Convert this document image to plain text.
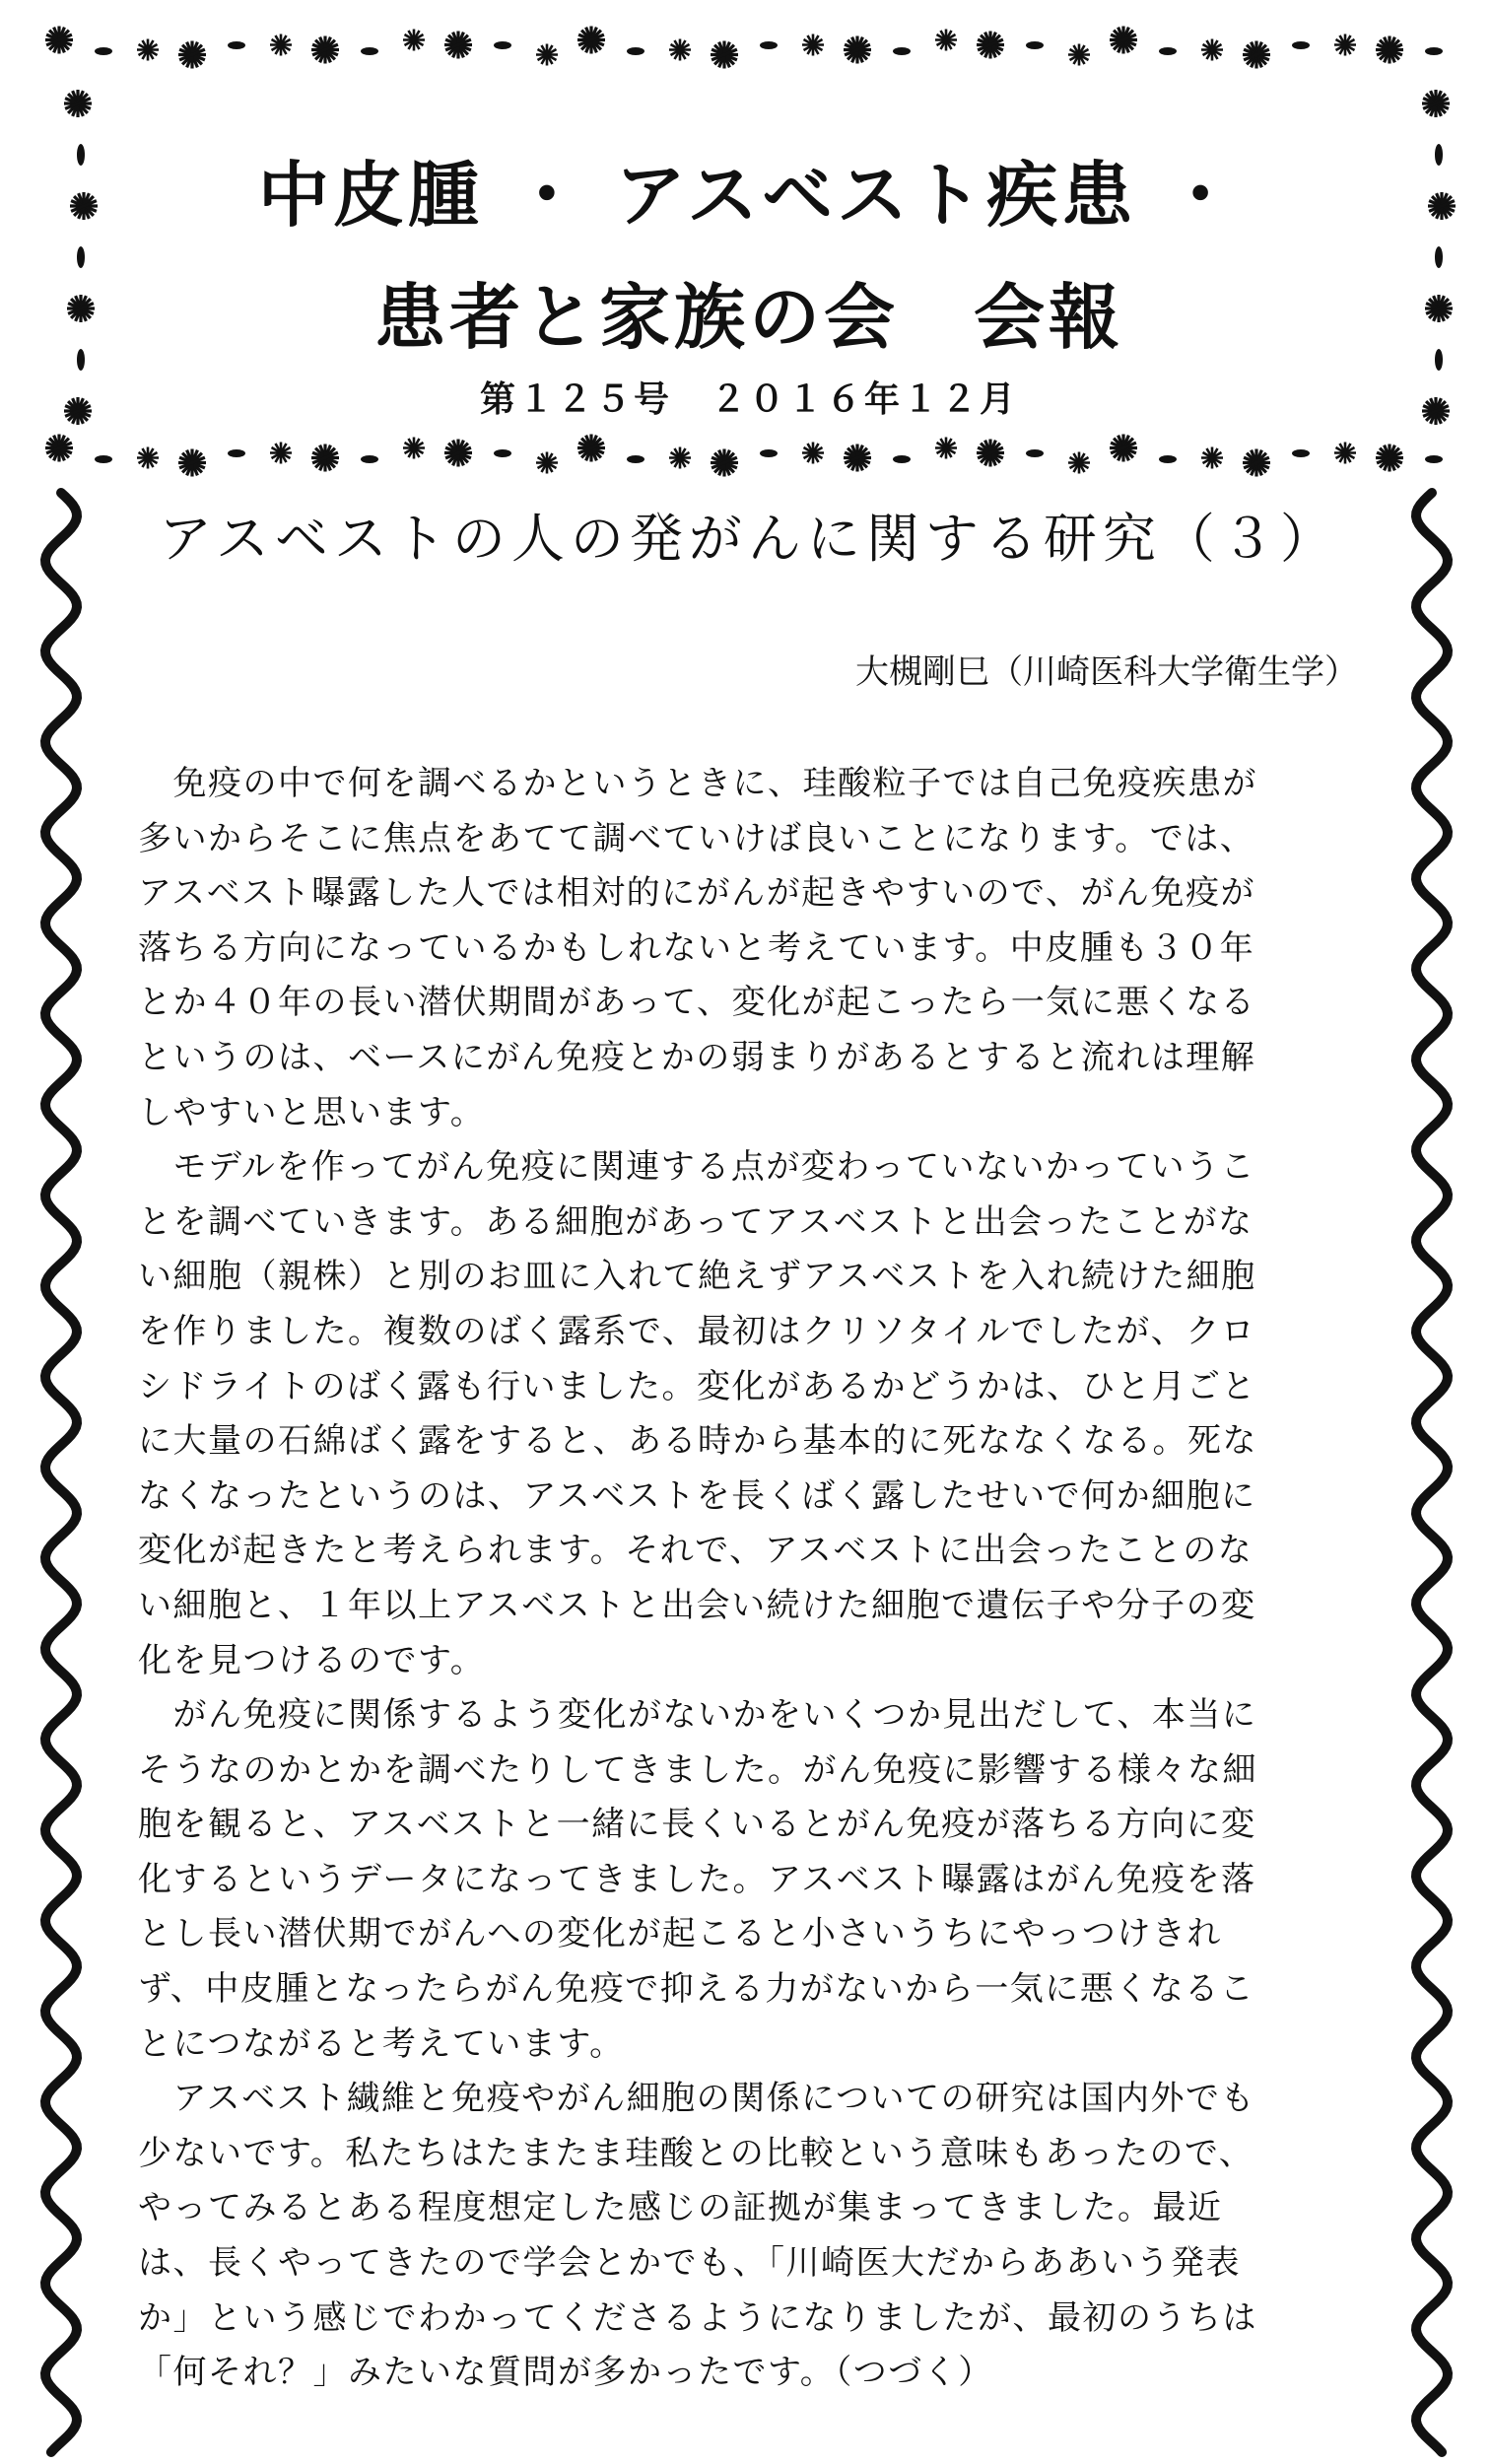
中皮腫 ・ アスベスト疾患 ・
患者と家族の会　会報
第１２５号　２０１６年１２月
アスベストの人の発がんに関する研究（３）
大槻剛巳（川崎医科大学衛生学）

　免疫の中で何を調べるかというときに、珪酸粒子では自己免疫疾患が
多いからそこに焦点をあてて調べていけば良いことになります。では、
アスベスト曝露した人では相対的にがんが起きやすいので、がん免疫が
落ちる方向になっているかもしれないと考えています。中皮腫も３０年
とか４０年の長い潜伏期間があって、変化が起こったら一気に悪くなる
というのは、ベースにがん免疫とかの弱まりがあるとすると流れは理解
しやすいと思います。

　モデルを作ってがん免疫に関連する点が変わっていないかっていうこ
とを調べていきます。ある細胞があってアスベストと出会ったことがな
い細胞（親株）と別のお皿に入れて絶えずアスベストを入れ続けた細胞
を作りました。複数のばく露系で、最初はクリソタイルでしたが、クロ
シドライトのばく露も行いました。変化があるかどうかは、ひと月ごと
に大量の石綿ばく露をすると、ある時から基本的に死ななくなる。死な
なくなったというのは、アスベストを長くばく露したせいで何か細胞に
変化が起きたと考えられます。それで、アスベストに出会ったことのな
い細胞と、１年以上アスベストと出会い続けた細胞で遺伝子や分子の変
化を見つけるのです。

　がん免疫に関係するよう変化がないかをいくつか見出だして、本当に
そうなのかとかを調べたりしてきました。がん免疫に影響する様々な細
胞を観ると、アスベストと一緒に長くいるとがん免疫が落ちる方向に変
化するというデータになってきました。アスベスト曝露はがん免疫を落
とし長い潜伏期でがんへの変化が起こると小さいうちにやっつけきれ
ず、中皮腫となったらがん免疫で抑える力がないから一気に悪くなるこ
とにつながると考えています。

　アスベスト繊維と免疫やがん細胞の関係についての研究は国内外でも
少ないです。私たちはたまたま珪酸との比較という意味もあったので、
やってみるとある程度想定した感じの証拠が集まってきました。最近
は、長くやってきたので学会とかでも、「川崎医大だからああいう発表
か」という感じでわかってくださるようになりましたが、最初のうちは
「何それ？」みたいな質問が多かったです。（つづく）
